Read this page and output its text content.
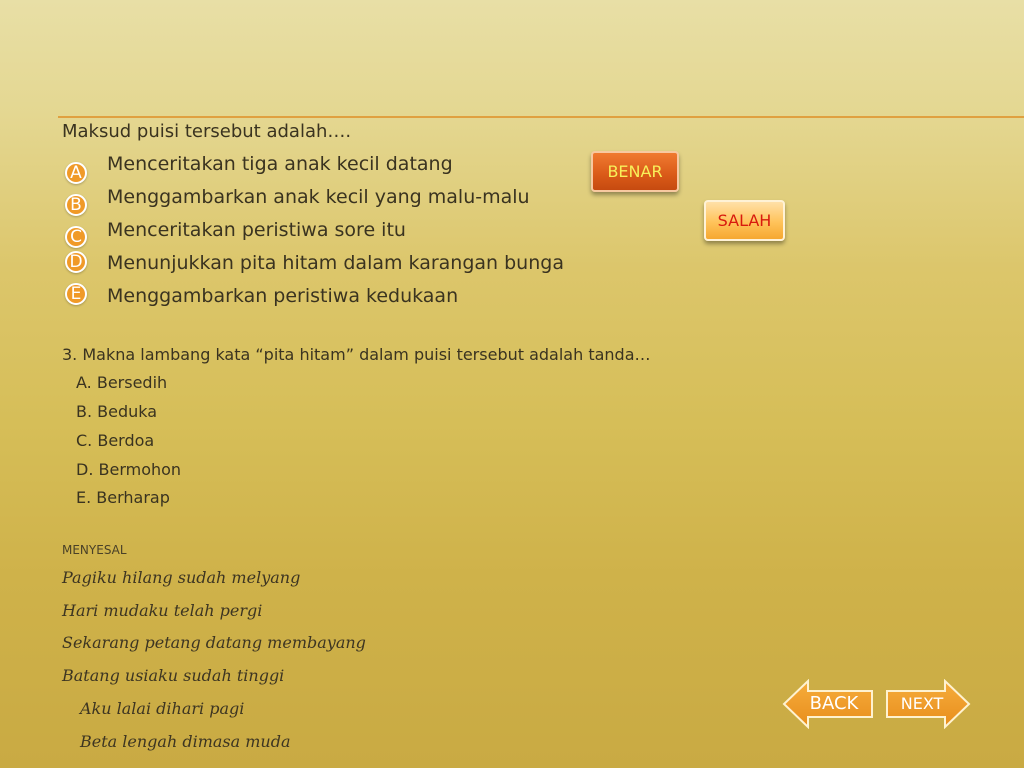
Maksud puisi tersebut adalah….
A Menceritakan tiga anak kecil datang
B Menggambarkan anak kecil yang malu-malu
C Menceritakan peristiwa sore itu
D Menunjukkan pita hitam dalam karangan bunga
E Menggambarkan peristiwa kedukaan
BENAR
SALAH
3. Makna lambang kata “pita hitam” dalam puisi tersebut adalah tanda…
A. Bersedih
B. Beduka
C. Berdoa
D. Bermohon
E. Berharap
MENYESAL
Pagiku hilang sudah melyang
Hari mudaku telah pergi
Sekarang petang datang membayang
Batang usiaku sudah tinggi
Aku lalai dihari pagi
Beta lengah dimasa muda
BACK	NEXT
